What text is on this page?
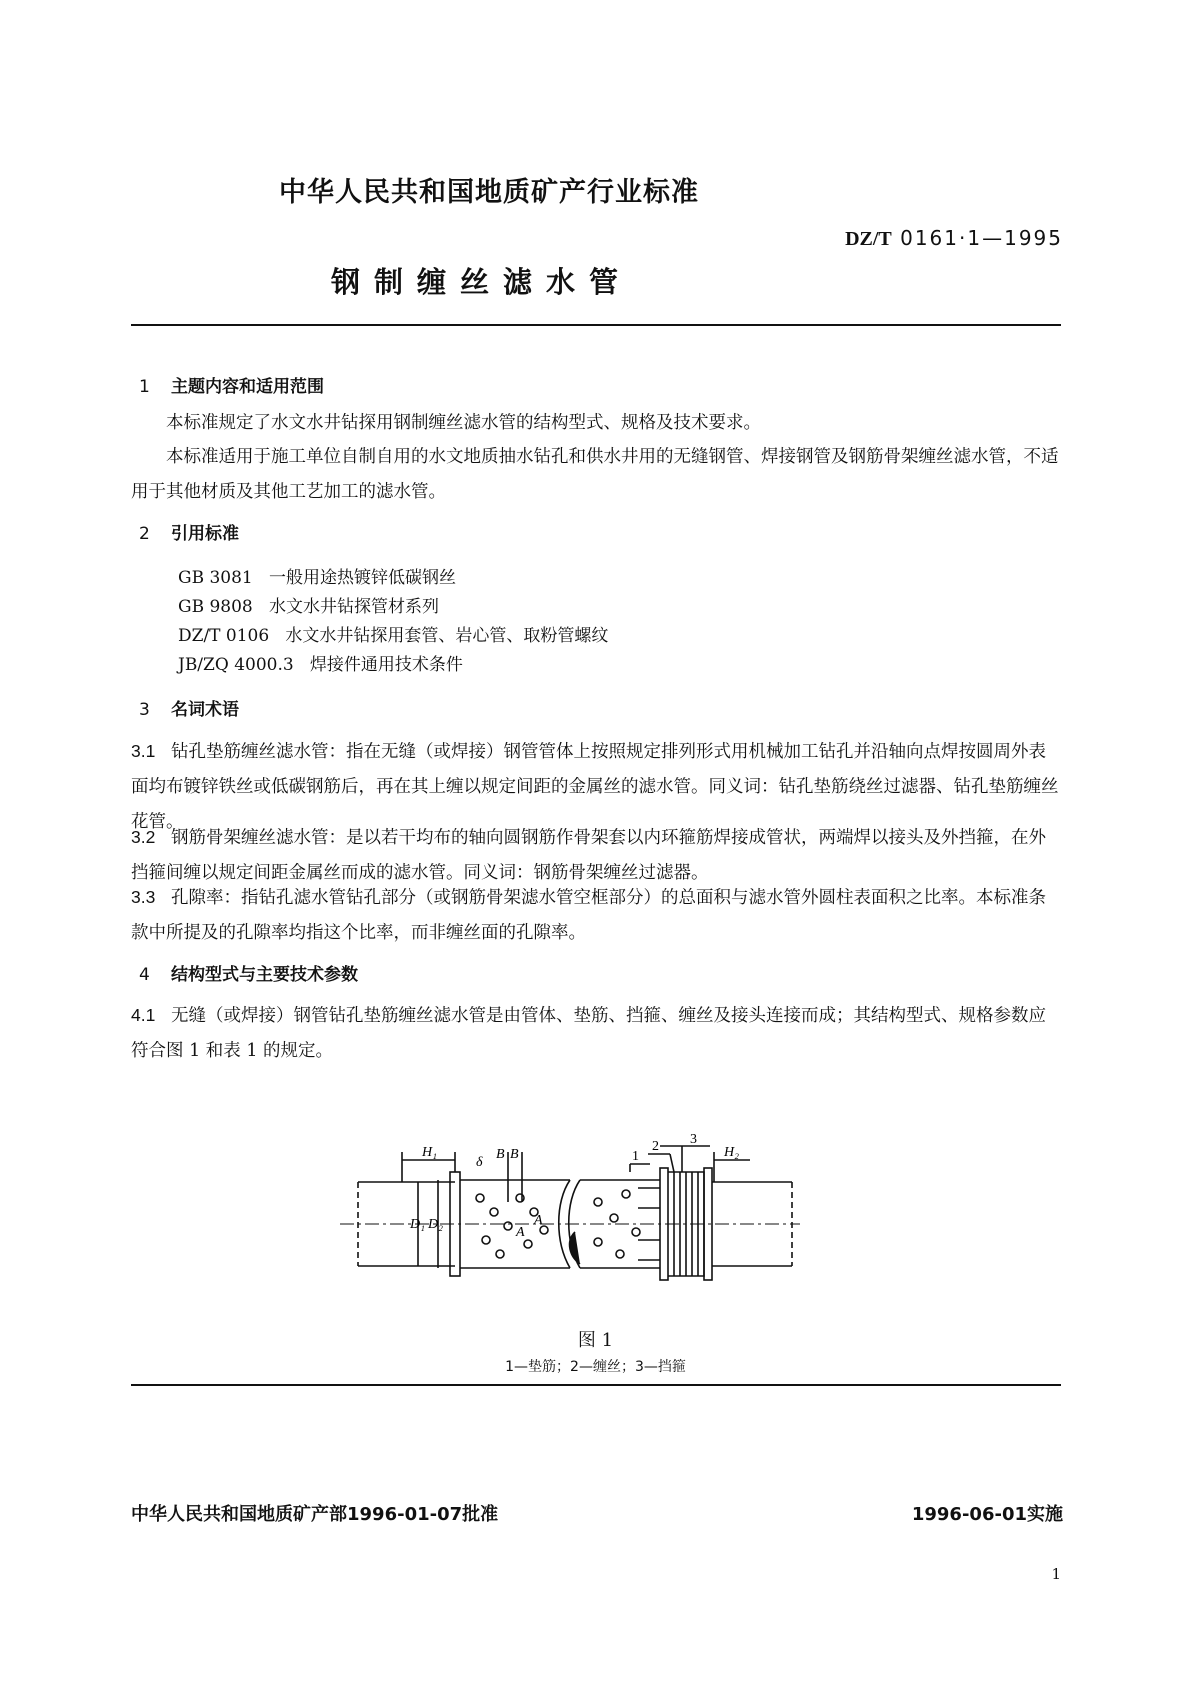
中华人民共和国地质矿产行业标准
DZ/T 0161·1—1995
钢制缠丝滤水管
1 主题内容和适用范围
本标准规定了水文水井钻探用钢制缠丝滤水管的结构型式、规格及技术要求。
本标准适用于施工单位自制自用的水文地质抽水钻孔和供水井用的无缝钢管、焊接钢管及钢筋骨架缠丝滤水管，不适用于其他材质及其他工艺加工的滤水管。
2 引用标准
GB 3081 一般用途热镀锌低碳钢丝
GB 9808 水文水井钻探管材系列
DZ/T 0106 水文水井钻探用套管、岩心管、取粉管螺纹
JB/ZQ 4000.3 焊接件通用技术条件
3 名词术语
3.1 钻孔垫筋缠丝滤水管：指在无缝（或焊接）钢管管体上按照规定排列形式用机械加工钻孔并沿轴向点焊按圆周外表面均布镀锌铁丝或低碳钢筋后，再在其上缠以规定间距的金属丝的滤水管。同义词：钻孔垫筋绕丝过滤器、钻孔垫筋缠丝花管。
3.2 钢筋骨架缠丝滤水管：是以若干均布的轴向圆钢筋作骨架套以内环箍筋焊接成管状，两端焊以接头及外挡箍，在外挡箍间缠以规定间距金属丝而成的滤水管。同义词：钢筋骨架缠丝过滤器。
3.3 孔隙率：指钻孔滤水管钻孔部分（或钢筋骨架滤水管空框部分）的总面积与滤水管外圆柱表面积之比率。本标准条款中所提及的孔隙率均指这个比率，而非缠丝面的孔隙率。
4 结构型式与主要技术参数
4.1 无缝（或焊接）钢管钻孔垫筋缠丝滤水管是由管体、垫筋、挡箍、缠丝及接头连接而成；其结构型式、规格参数应符合图 1 和表 1 的规定。
H₁	H₂
δ
B B
D₁ D₂
A
A
1
2 3
图 1
1—垫筋；2—缠丝；3—挡箍
中华人民共和国地质矿产部1996-01-07批准	1996-06-01实施
1
